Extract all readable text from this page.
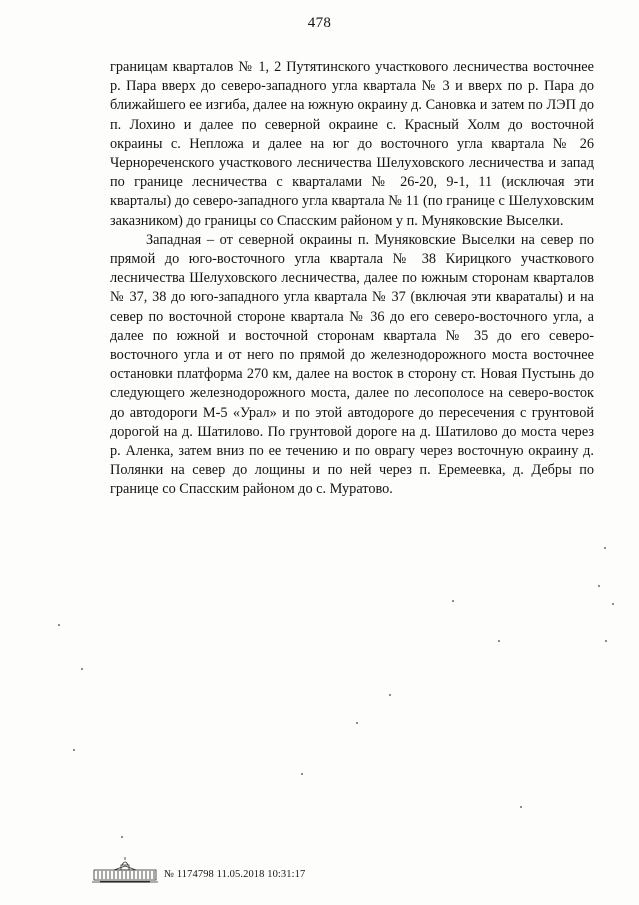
478

границам кварталов № 1, 2 Путятинского участкового лесничества восточнее р. Пара вверх до северо-западного угла квартала № 3 и вверх по р. Пара до ближайшего ее изгиба, далее на южную окраину д. Сановка и затем по ЛЭП до п. Лохино и далее по северной окраине с. Красный Холм до восточной окраины с. Непложа и далее на юг до восточного угла квартала № 26 Чернореченского участкового лесничества Шелуховского лесничества и запад по границе лесничества с кварталами № 26-20, 9-1, 11 (исключая эти кварталы) до северо-западного угла квартала № 11 (по границе с Шелуховским заказником) до границы со Спасским районом у п. Муняковские Выселки.

Западная – от северной окраины п. Муняковские Выселки на север по прямой до юго-восточного угла квартала № 38 Кирицкого участкового лесничества Шелуховского лесничества, далее по южным сторонам кварталов № 37, 38 до юго-западного угла квартала № 37 (включая эти кваратaлы) и на север по восточной стороне квартала № 36 до его северо-восточного угла, а далее по южной и восточной сторонам квартала № 35 до его северо-восточного угла и от него по прямой до железнодорожного моста восточнее остановки платформа 270 км, далее на восток в сторону ст. Новая Пустынь до следующего железнодорожного моста, далее по лесополосе на северо-восток до автодороги М-5 «Урал» и по этой автодороге до пересечения с грунтовой дорогой на д. Шатилово. По грунтовой дороге на д. Шатилово до моста через р. Аленка, затем вниз по ее течению и по оврагу через восточную окраину д. Полянки на север до лощины и по ней через п. Еремеевка, д. Дебры по границе со Спасским районом до с. Муратово.

№ 1174798 11.05.2018 10:31:17
